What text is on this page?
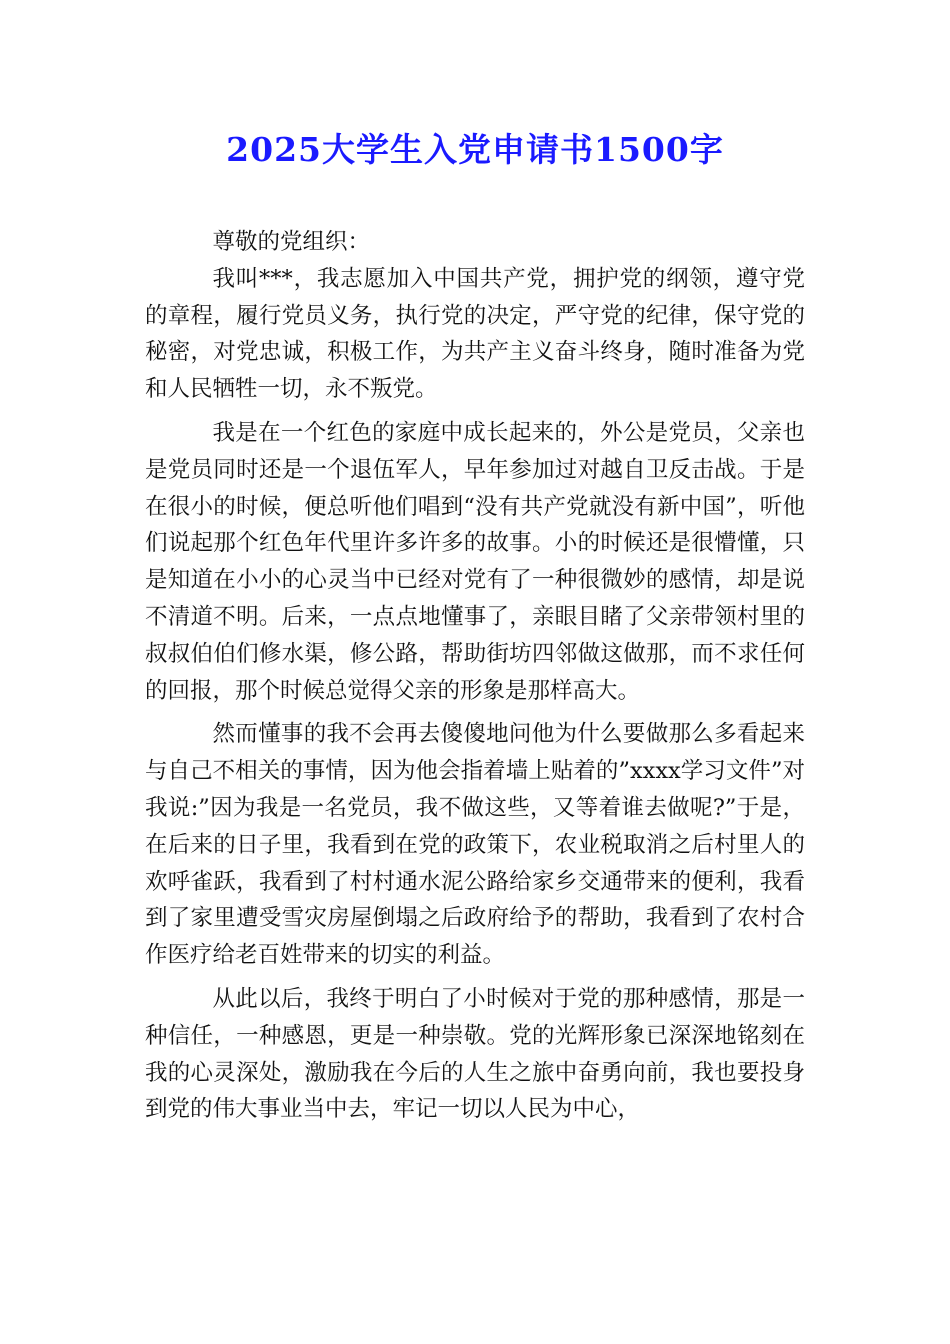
2025大学生入党申请书1500字

尊敬的党组织：

我叫***，我志愿加入中国共产党，拥护党的纲领，遵守党的章程，履行党员义务，执行党的决定，严守党的纪律，保守党的秘密，对党忠诚，积极工作，为共产主义奋斗终身，随时准备为党和人民牺牲一切，永不叛党。

我是在一个红色的家庭中成长起来的，外公是党员，父亲也是党员同时还是一个退伍军人，早年参加过对越自卫反击战。于是在很小的时候，便总听他们唱到“没有共产党就没有新中国”，听他们说起那个红色年代里许多许多的故事。小的时候还是很懵懂，只是知道在小小的心灵当中已经对党有了一种很微妙的感情，却是说不清道不明。后来，一点点地懂事了，亲眼目睹了父亲带领村里的叔叔伯伯们修水渠，修公路，帮助街坊四邻做这做那，而不求任何的回报，那个时候总觉得父亲的形象是那样高大。

然而懂事的我不会再去傻傻地问他为什么要做那么多看起来与自己不相关的事情，因为他会指着墙上贴着的”xxxx学习文件”对我说:”因为我是一名党员，我不做这些，又等着谁去做呢?”于是，在后来的日子里，我看到在党的政策下，农业税取消之后村里人的欢呼雀跃，我看到了村村通水泥公路给家乡交通带来的便利，我看到了家里遭受雪灾房屋倒塌之后政府给予的帮助，我看到了农村合作医疗给老百姓带来的切实的利益。

从此以后，我终于明白了小时候对于党的那种感情，那是一种信任，一种感恩，更是一种崇敬。党的光辉形象已深深地铭刻在我的心灵深处，激励我在今后的人生之旅中奋勇向前，我也要投身到党的伟大事业当中去，牢记一切以人民为中心，
